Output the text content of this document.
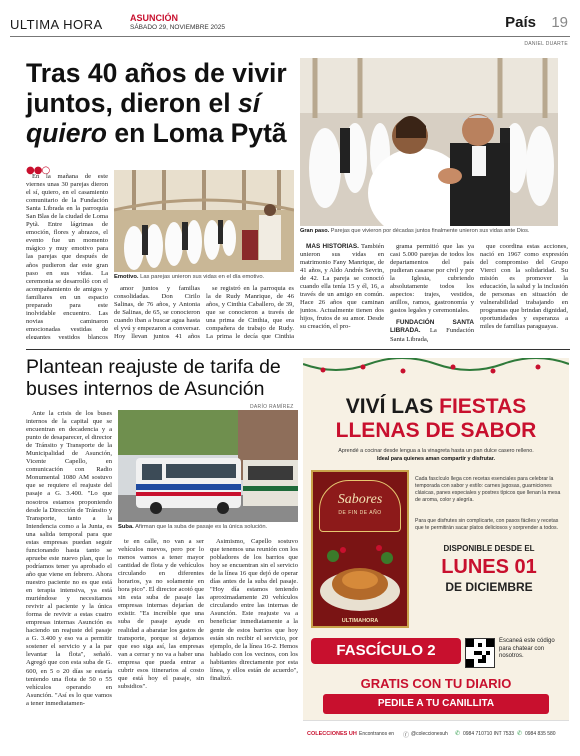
ULTIMA HORA	ASUNCIÓN
SÁBADO 29, NOVIEMBRE 2025	País 19
DANIEL DUARTE
Tras 40 años de vivir juntos, dieron el sí quiero en Loma Pytã
●●○

En la mañana de este viernes unas 30 parejas dieron el sí, quiero, en el casamiento comunitario de la Fundación Santa Librada en la parroquia San Blas de la ciudad de Loma Pytã. Entre lágrimas de emoción, flores y abrazos, el evento fue un momento mágico y muy emotivo para las parejas que después de años pudieron dar este gran paso en sus vidas. La ceremonia se desarrolló con el acompañamiento de amigos y familiares en un espacio preparado para este inolvidable encuentro. Las novias caminaron emocionadas vestidas de elegantes vestidos blancos

Emotivo. Las parejas unieron sus vidas en el día emotivo.

amor juntos y familias consolidadas. Don Cirilo Salinas, de 76 años, y Antonia de Salinas, de 65, se conocieron cuando iban a buscar agua hasta el yvú y empezaron a conversar. Hoy llevan juntos 41 años

se registró en la parroquia es la de Rudy Manrique, de 46 años, y Cinthia Caballero, de 39, que se conocieron a través de una prima de Cinthia, que era compañera de trabajo de Rudy. La prima le decía que Cinthia

Gran paso. Parejas que vivieron por décadas juntos finalmente unieron sus vidas ante Dios.

MÁS HISTORIAS. También unieron sus vidas en matrimonio Fany Manrique, de 41 años, y Aldo Andrés Sevrin, de 42. La pareja se conoció cuando ella tenía 15 y él, 16, a través de un amigo en común. Hace 26 años que caminan juntos. Actualmente tienen dos hijos, frutos de su amor. Desde su creación, el pro-

grama permitió que las ya casi 5.000 parejas de todos los departamentos del país pudieran casarse por civil y por la Iglesia, cubriendo absolutamente todos los aspectos: trajes, vestidos, anillos, ramos, gastronomía y gastos legales y ceremoniales.

FUNDACIÓN SANTA LIBRADA. La Fundación Santa Librada,

que coordina estas acciones, nació en 1967 como expresión del compromiso del Grupo Vierci con la solidaridad. Su misión es promover la educación, la salud y la inclusión de personas en situación de vulnerabilidad trabajando en programas que brindan dignidad, oportunidades y esperanza a miles de familias paraguayas.

Plantean reajuste de tarifa de buses internos de Asunción
DARÍO RAMÍREZ

Ante la crisis de los buses internos de la capital que se encuentran en decadencia y a punto de desaparecer, el director de Tránsito y Transporte de la Municipalidad de Asunción, Vicente Capello, en comunicación con Radio Monumental 1080 AM sostuvo que se requiere el reajuste del pasaje a G. 3.400. "Lo que nosotros estamos proponiendo desde la Dirección de Tránsito y Transporte, tanto a la Intendencia como a la Junta, es una salida temporal para que estas empresas puedan seguir funcionando hasta tanto se apruebe este nuevo plan, que lo podríamos tener ya aprobado el año que viene en febrero. Ahora nuestro paciente no es que está en terapia intensiva, ya está muriéndose y necesitamos revivir al paciente y la única forma de revivir a estas cuatro empresas internas Asunción es haciendo un reajuste del pasaje a G. 3.400 y eso va a permitir sostener el servicio y a la par levantar la flota", señaló. Agregó que con esta suba de G. 600, en 5 o 20 días se estaría teniendo una flota de 50 o 55 vehículos operando en Asunción. "Así es lo que vamos a tener inmediatamen-

Suba. Afirman que la suba de pasaje es la única solución.

te en calle, no van a ser vehículos nuevos, pero por lo menos vamos a tener mayor cantidad de flota y de vehículos circulando en diferentes horarios, ya no solamente en hora pico". El director acotó que sin esta suba de pasaje las empresas internas dejarían de existir. "Es increíble que una suba de pasaje ayude en realidad a abaratar los gastos de transporte, porque si dejamos que eso siga así, las empresas van a cerrar y no va a haber una empresa que pueda entrar a cubrir esos itinerarios al costo que está hoy el pasaje, sin subsidios".

Asimismo, Capello sostuvo que tenemos una reunión con los pobladores de los barrios que hoy se encuentran sin el servicio de la línea 16 que dejó de operar días antes de la suba del pasaje. "Hoy día estamos teniendo aproximadamente 20 vehículos circulando entre las internas de Asunción. Este reajuste va a beneficiar inmediatamente a la gente de estos barrios que hoy están sin recibir el servicio, por ejemplo, de la línea 16-2. Hemos hablado con los vecinos, con los habitantes directamente por esta línea, y ellos están de acuerdo", finalizó.

VIVÍ LAS FIESTAS
LLENAS DE SABOR
Aprendé a cocinar desde lengua a la vinagreta hasta un pan dulce casero relleno.
Ideal para quienes aman compartir y disfrutar.
Sabores
DE FIN DE AÑO
ULTIMAHORA
Cada fascículo llega con recetas esenciales para celebrar la temporada con sabor y estilo: carnes jugosas, guarniciones clásicas, panes especiales y postres típicos que llenan la mesa de aroma, color y alegría.
Para que disfrutes sin complicarte, con pasos fáciles y recetas que te permitirán sacar platos deliciosos y sorprender a todos.
DISPONIBLE DESDE EL
LUNES 01
DE DICIEMBRE
FASCÍCULO 2
Escaneá este código para chatear con nosotros.
GRATIS CON TU DIARIO
PEDILE A TU CANILLITA
COLECCIONES UH Encontranos en ⓕ @coleccionesuh ✆ 0984 710710 INT 7533 ✆ 0984 835 580
